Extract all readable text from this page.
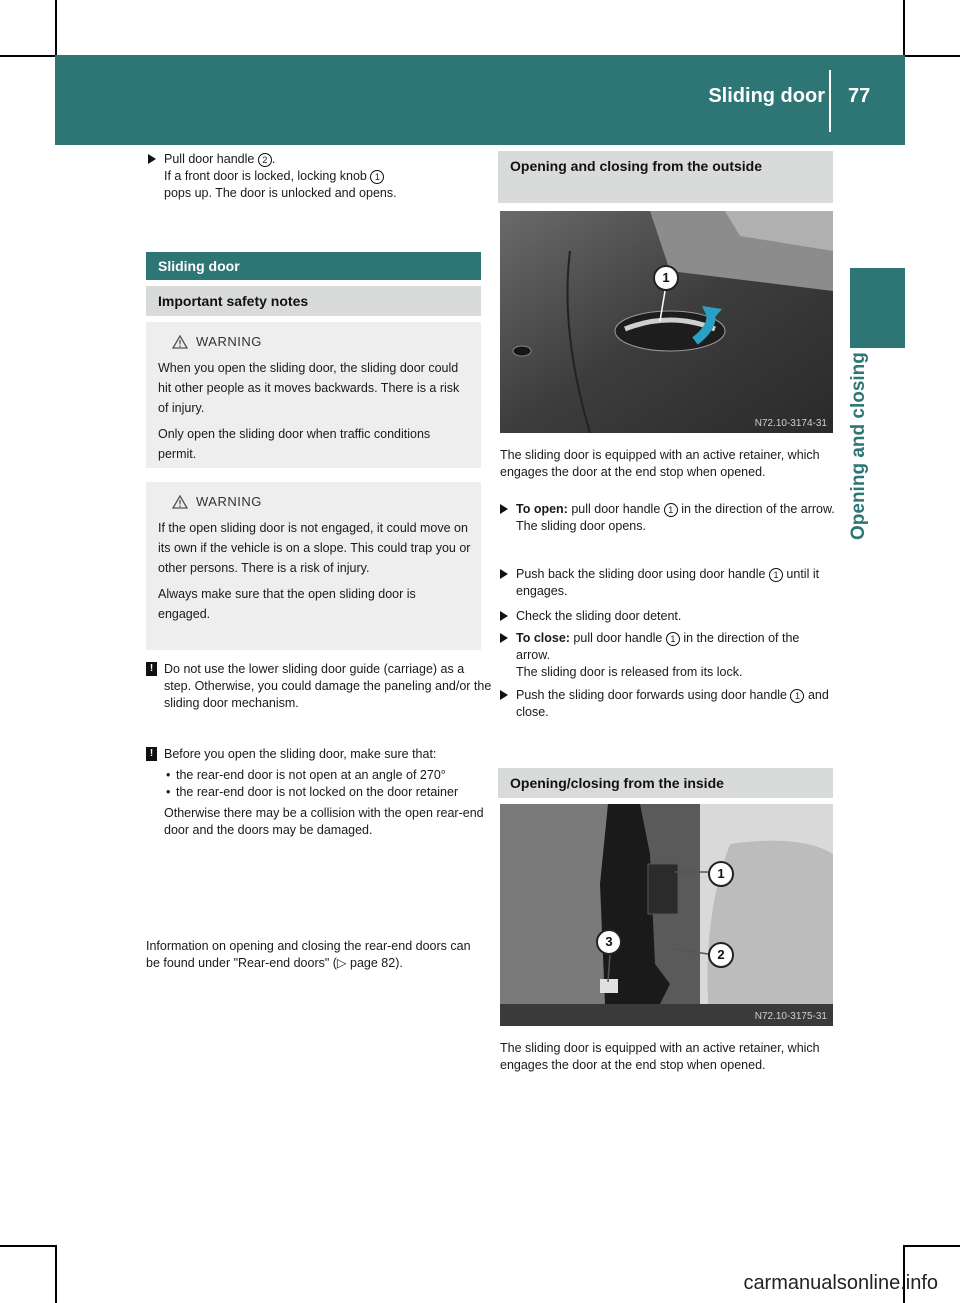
Sliding door 77
Opening and closing
Pull door handle 2 .
If a front door is locked, locking knob 1
pops up. The door is unlocked and opens.
Sliding door
Important safety notes
WARNING

When you open the sliding door, the sliding door could hit other people as it moves backwards. There is a risk of injury.

Only open the sliding door when traffic conditions permit.

WARNING

If the open sliding door is not engaged, it could move on its own if the vehicle is on a slope. This could trap you or other persons. There is a risk of injury.

Always make sure that the open sliding door is engaged.

! Do not use the lower sliding door guide (carriage) as a step. Otherwise, you could damage the paneling and/or the sliding door mechanism.
! Before you open the sliding door, make sure that:
• the rear-end door is not open at an angle of 270°
• the rear-end door is not locked on the door retainer
Otherwise there may be a collision with the open rear-end door and the doors may be damaged.
Information on opening and closing the rear-end doors can be found under "Rear-end doors" (▷ page 82).
Opening and closing from the outside
1
N72.10-3174-31
The sliding door is equipped with an active retainer, which engages the door at the end stop when opened.
To open: pull door handle 1 in the direction of the arrow.
The sliding door opens.
Push back the sliding door using door handle 1 until it engages.
Check the sliding door detent.
To close: pull door handle 1 in the direction of the arrow.
The sliding door is released from its lock.
Push the sliding door forwards using door handle 1 and close.
Opening/closing from the inside
1
2
3
N72.10-3175-31
The sliding door is equipped with an active retainer, which engages the door at the end stop when opened.
carmanualsonline.info
